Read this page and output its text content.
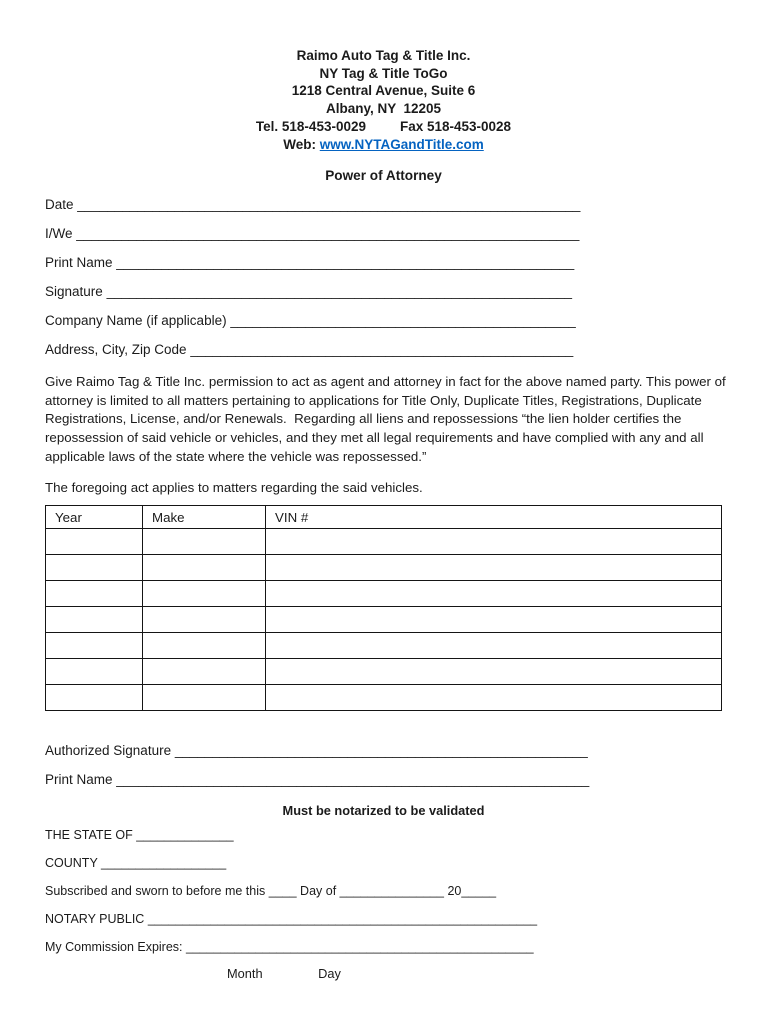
Raimo Auto Tag & Title Inc.

NY Tag & Title ToGo

1218 Central Avenue, Suite 6

Albany, NY  12205

Tel. 518-453-0029	Fax 518-453-0028

Web: www.NYTAGandTitle.com

Power of Attorney
Date ___________________________________________________________________
I/We ___________________________________________________________________
Print Name _____________________________________________________________
Signature ______________________________________________________________
Company Name (if applicable) ______________________________________________
Address, City, Zip Code ___________________________________________________
Give Raimo Tag & Title Inc. permission to act as agent and attorney in fact for the above named party. This power of attorney is limited to all matters pertaining to applications for Title Only, Duplicate Titles, Registrations, Duplicate Registrations, License, and/or Renewals.  Regarding all liens and repossessions “the lien holder certifies the repossession of said vehicle or vehicles, and they met all legal requirements and have complied with any and all applicable laws of the state where the vehicle was repossessed.”
The foregoing act applies to matters regarding the said vehicles.
Year	Make	VIN #

Authorized Signature _______________________________________________________
Print Name _______________________________________________________________
Must be notarized to be validated
THE STATE OF ______________
COUNTY __________________
Subscribed and sworn to before me this ____ Day of _______________ 20_____
NOTARY PUBLIC ________________________________________________________
My Commission Expires: __________________________________________________
Month	Day
